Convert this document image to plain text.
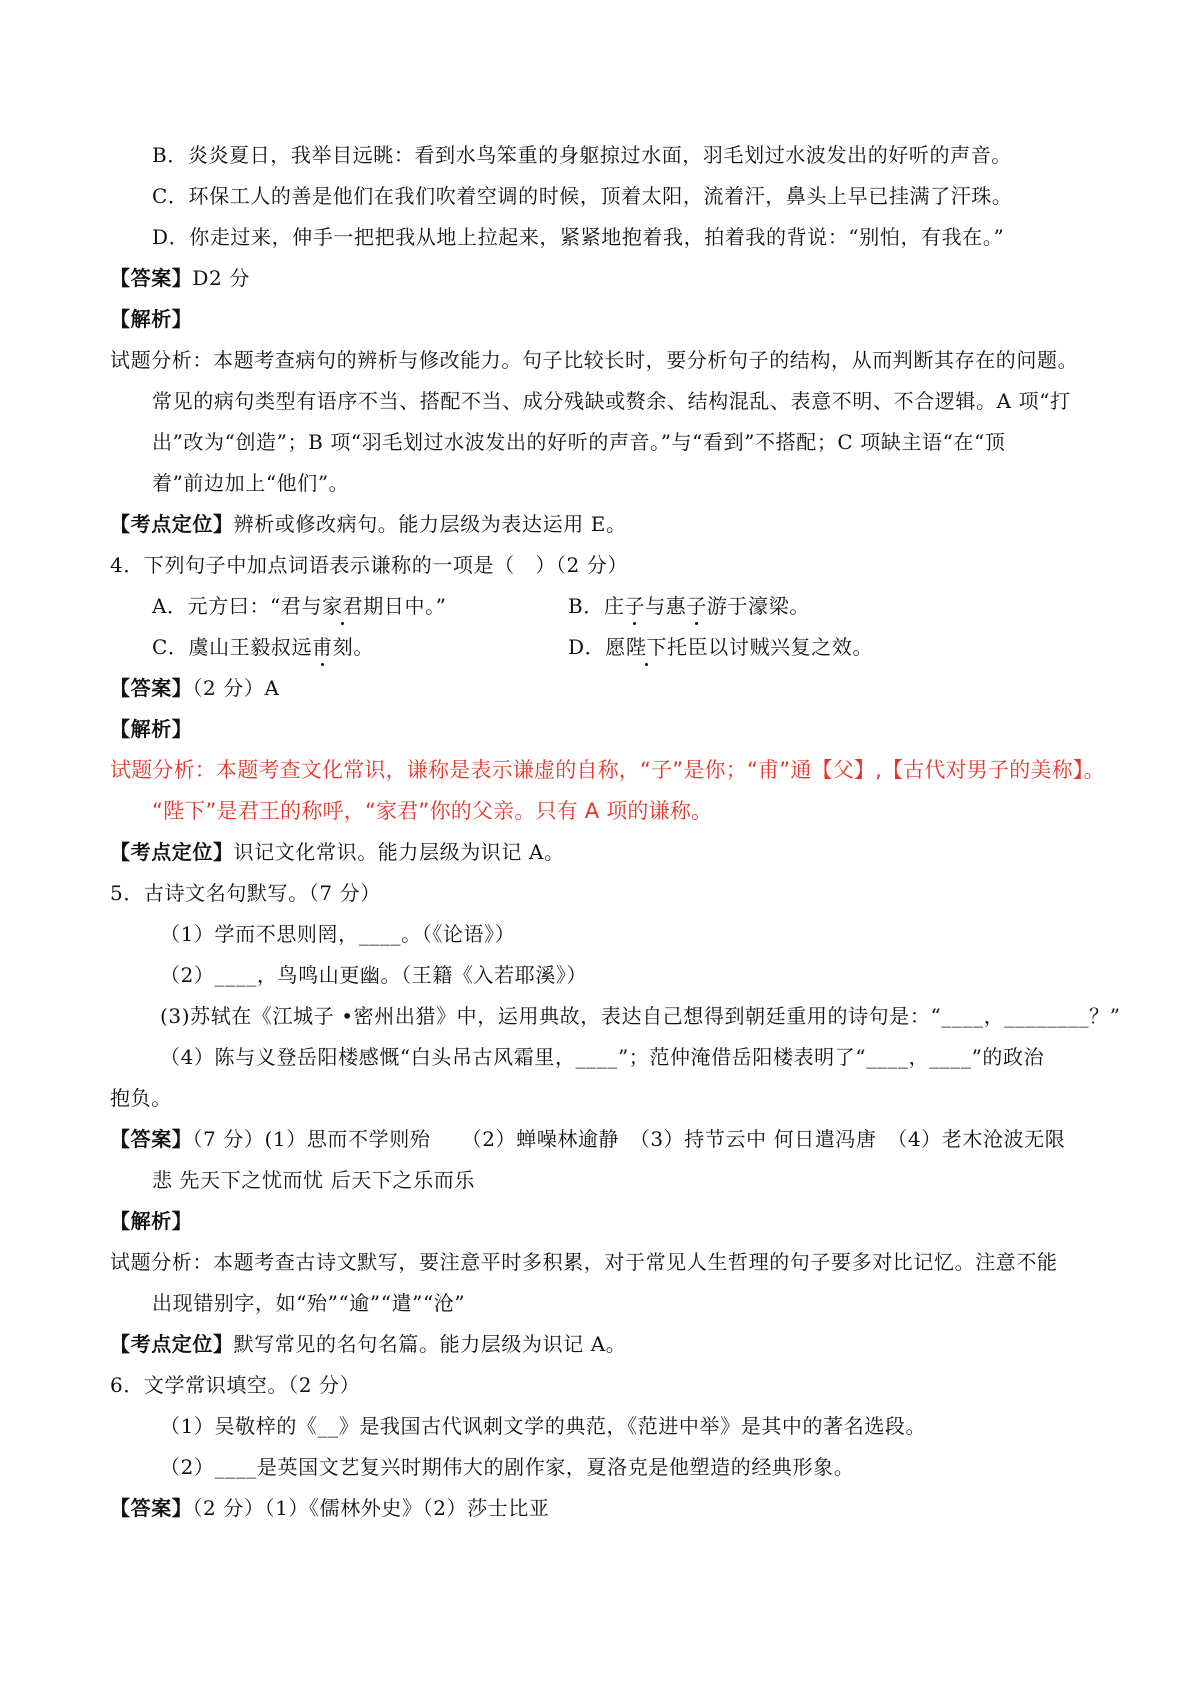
B．炎炎夏日，我举目远眺：看到水鸟笨重的身躯掠过水面，羽毛划过水波发出的好听的声音。
C．环保工人的善是他们在我们吹着空调的时候，顶着太阳，流着汗，鼻头上早已挂满了汗珠。
D．你走过来，伸手一把把我从地上拉起来，紧紧地抱着我，拍着我的背说：“别怕，有我在。”
【答案】D2 分
【解析】
试题分析：本题考查病句的辨析与修改能力。句子比较长时，要分析句子的结构，从而判断其存在的问题。
常见的病句类型有语序不当、搭配不当、成分残缺或赘余、结构混乱、表意不明、不合逻辑。A 项“打
出”改为“创造”；B 项“羽毛划过水波发出的好听的声音。”与“看到”不搭配；C 项缺主语“在“顶
着”前边加上“他们”。
【考点定位】辨析或修改病句。能力层级为表达运用 E。
4．下列句子中加点词语表示谦称的一项是（　）（2 分）
A．元方曰：“君与家君期日中。”	B．庄子与惠子游于濠梁。
C．虞山王毅叔远甫刻。	D．愿陛下托臣以讨贼兴复之效。
【答案】（2 分）A
【解析】
试题分析：本题考查文化常识，谦称是表示谦虚的自称，“子”是你；“甫”通【父】,【古代对男子的美称】。
“陛下”是君王的称呼，“家君”你的父亲。只有 A 项的谦称。
【考点定位】识记文化常识。能力层级为识记 A。
5．古诗文名句默写。（7 分）
（1）学而不思则罔，____。（《论语》）
（2）____，鸟鸣山更幽。（王籍《入若耶溪》）
(3)苏轼在《江城子 •密州出猎》中，运用典故，表达自己想得到朝廷重用的诗句是：“____，________？”
（4）陈与义登岳阳楼感慨“白头吊古风霜里，____”；范仲淹借岳阳楼表明了“____，____”的政治
抱负。
【答案】（7 分）(1）思而不学则殆　　（2）蝉噪林逾静　（3）持节云中 何日遣冯唐　（4）老木沧波无限
悲 先天下之忧而忧 后天下之乐而乐
【解析】
试题分析：本题考查古诗文默写，要注意平时多积累，对于常见人生哲理的句子要多对比记忆。注意不能
出现错别字，如“殆”“逾”“遣”“沧”
【考点定位】默写常见的名句名篇。能力层级为识记 A。
6．文学常识填空。（2 分）
（1）吴敬梓的《__》是我国古代讽刺文学的典范，《范进中举》是其中的著名选段。
（2）____是英国文艺复兴时期伟大的剧作家，夏洛克是他塑造的经典形象。
【答案】（2 分）（1）《儒林外史》（2）莎士比亚
